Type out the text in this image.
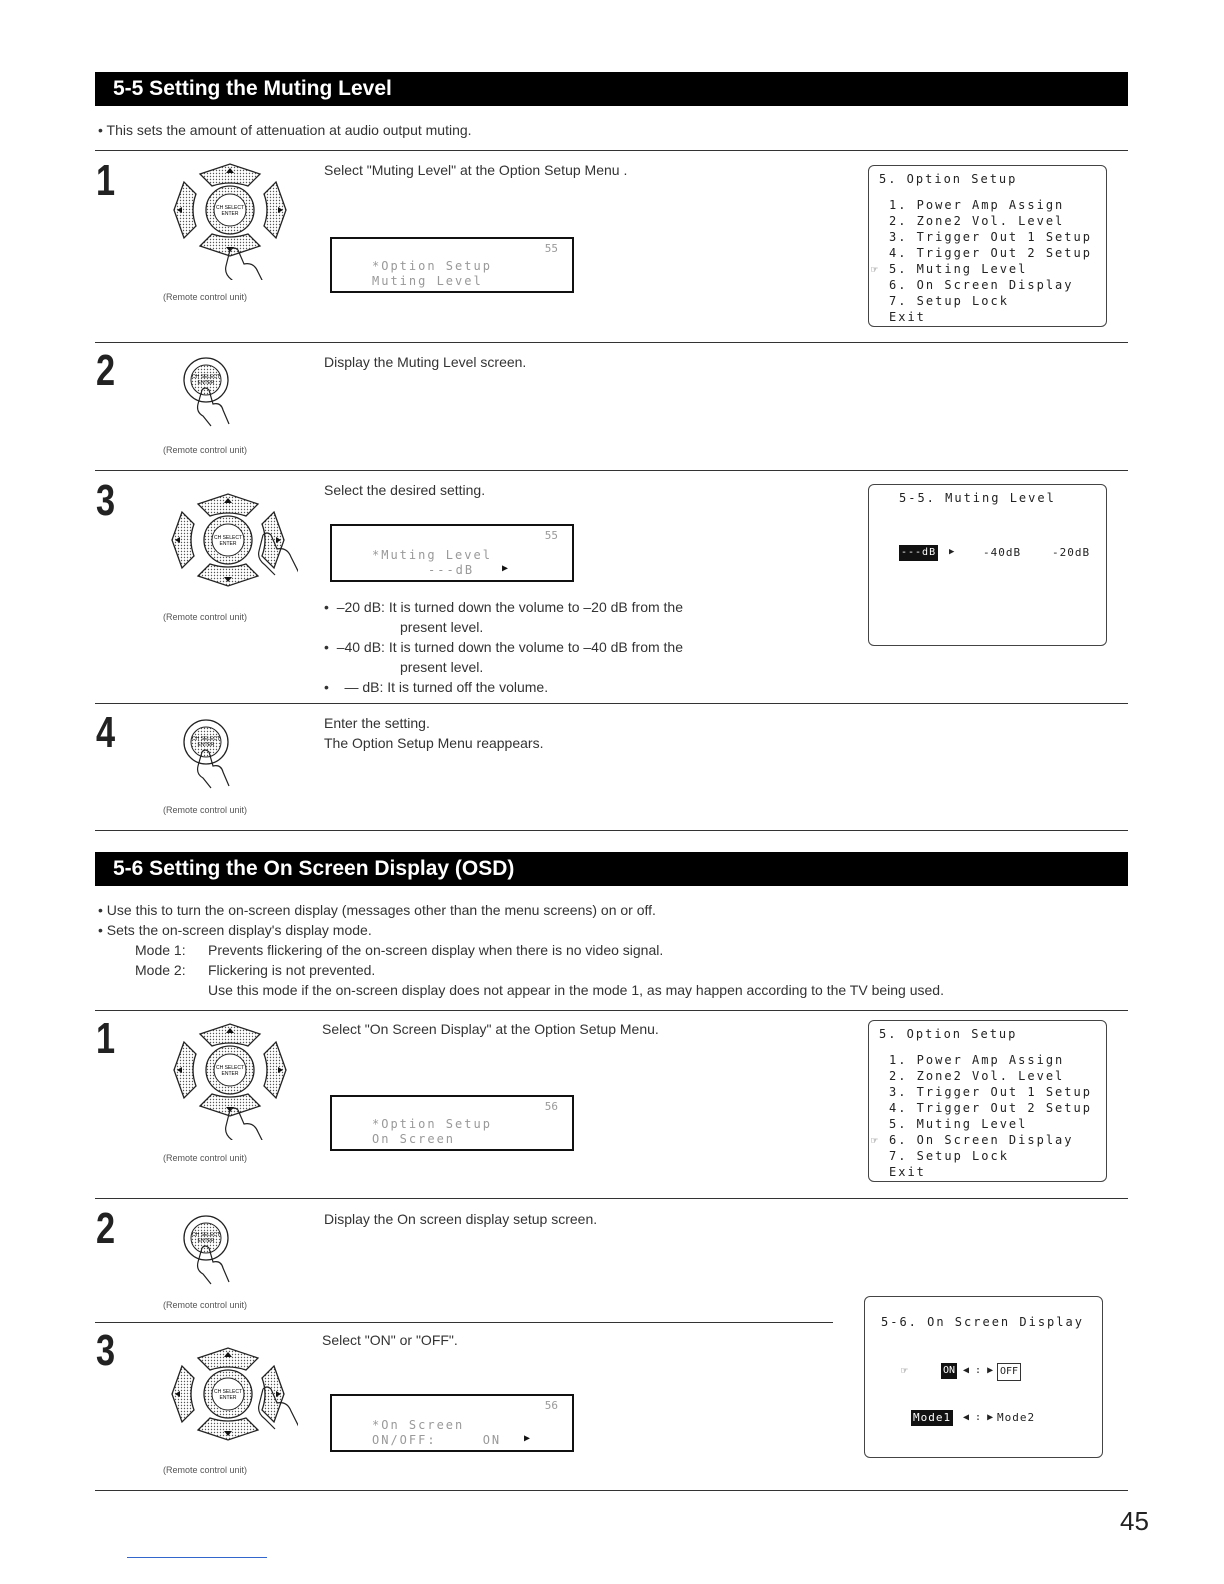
5-5 Setting the Muting Level
• This sets the amount of attenuation at audio output muting.
1
(Remote control unit)
Select "Muting Level" at the Option Setup Menu .
55
*Option Setup
Muting Level
5. Option Setup
1. Power Amp Assign
2. Zone2 Vol. Level
3. Trigger Out 1 Setup
4. Trigger Out 2 Setup
☞ 5. Muting Level
6. On Screen Display
7. Setup Lock
Exit
2
(Remote control unit)
Display the Muting Level screen.
3
(Remote control unit)
Select the desired setting.
55
*Muting Level
---dB	▶
•  –20 dB: It is turned down the volume to –20 dB from the
present level.
•  –40 dB: It is turned down the volume to –40 dB from the
present level.
•    — dB: It is turned off the volume.
5-5. Muting Level
---dB ▶ -40dB	-20dB
4
(Remote control unit)
Enter the setting.
The Option Setup Menu reappears.
5-6 Setting the On Screen Display (OSD)
• Use this to turn the on-screen display (messages other than the menu screens) on or off.
• Sets the on-screen display's display mode.
Mode 1: Prevents flickering of the on-screen display when there is no video signal.
Mode 2: Flickering is not prevented.
Use this mode if the on-screen display does not appear in the mode 1, as may happen according to the TV being used.
1
(Remote control unit)
Select "On Screen Display" at the Option Setup Menu.
56
*Option Setup
On Screen
5. Option Setup
1. Power Amp Assign
2. Zone2 Vol. Level
3. Trigger Out 1 Setup
4. Trigger Out 2 Setup
5. Muting Level
☞ 6. On Screen Display
7. Setup Lock
Exit
2
(Remote control unit)
Display the On screen display setup screen.
3
(Remote control unit)
Select "ON" or "OFF".
56
*On Screen
ON/OFF:     ON ▶
5-6. On Screen Display
☞	ON ◀ : ▶ OFF
Mode1 ◀ : ▶ Mode2
45
